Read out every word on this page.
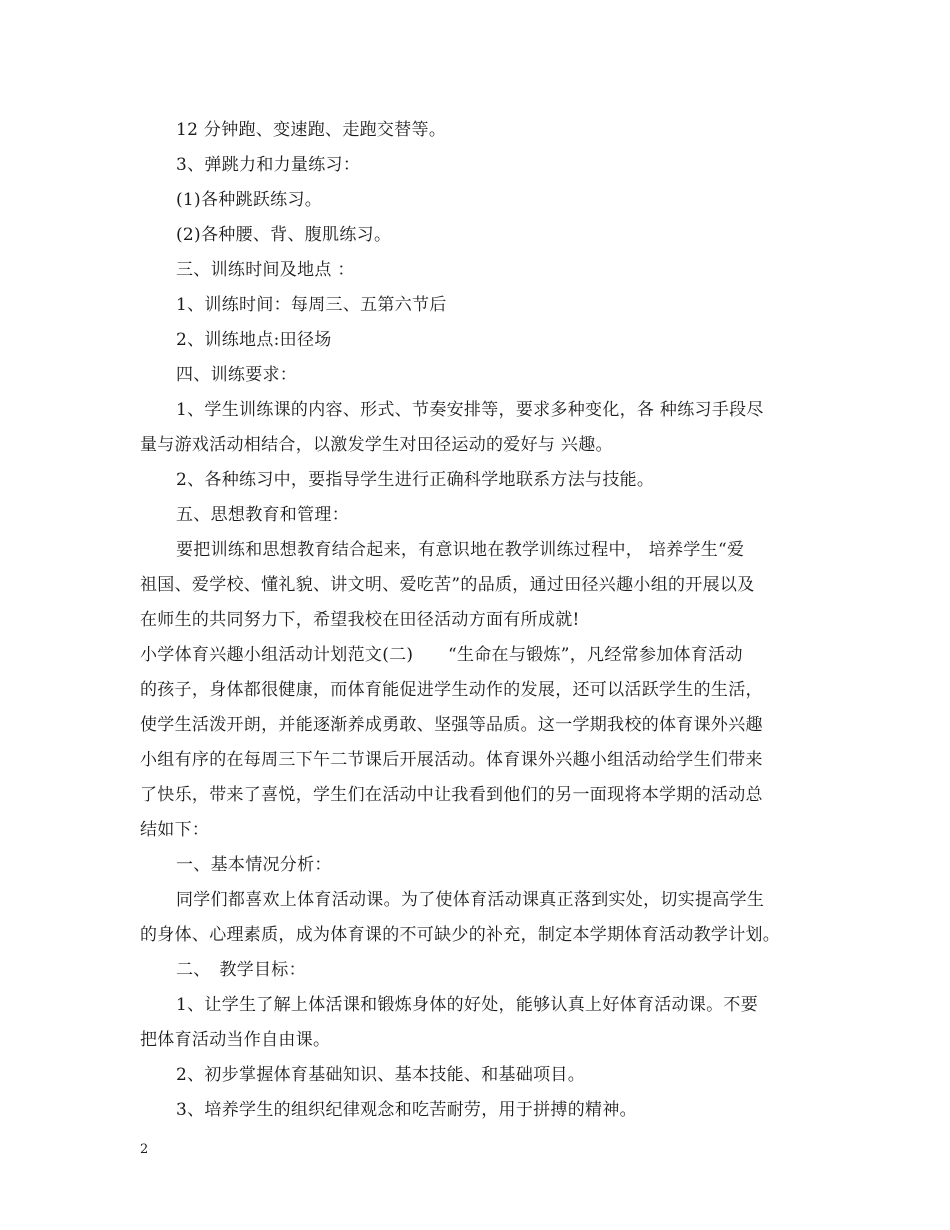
12 分钟跑、变速跑、走跑交替等。
3、弹跳力和力量练习：
(1)各种跳跃练习。
(2)各种腰、背、腹肌练习。
三、训练时间及地点 ：
1、训练时间：每周三、五第六节后
2、训练地点:田径场
四、训练要求：
1、学生训练课的内容、形式、节奏安排等，要求多种变化，各 种练习手段尽
量与游戏活动相结合，以激发学生对田径运动的爱好与 兴趣。
2、各种练习中，要指导学生进行正确科学地联系方法与技能。
五、思想教育和管理：
要把训练和思想教育结合起来，有意识地在教学训练过程中， 培养学生“爱
祖国、爱学校、懂礼貌、讲文明、爱吃苦”的品质，通过田径兴趣小组的开展以及
在师生的共同努力下，希望我校在田径活动方面有所成就!
小学体育兴趣小组活动计划范文(二)　　“生命在与锻炼”，凡经常参加体育活动
的孩子，身体都很健康，而体育能促进学生动作的发展，还可以活跃学生的生活，
使学生活泼开朗，并能逐渐养成勇敢、坚强等品质。这一学期我校的体育课外兴趣
小组有序的在每周三下午二节课后开展活动。体育课外兴趣小组活动给学生们带来
了快乐，带来了喜悦，学生们在活动中让我看到他们的另一面现将本学期的活动总
结如下：
一、基本情况分析：
同学们都喜欢上体育活动课。为了使体育活动课真正落到实处，切实提高学生
的身体、心理素质，成为体育课的不可缺少的补充，制定本学期体育活动教学计划。
二、　教学目标：
1、让学生了解上体活课和锻炼身体的好处，能够认真上好体育活动课。不要
把体育活动当作自由课。
2、初步掌握体育基础知识、基本技能、和基础项目。
3、培养学生的组织纪律观念和吃苦耐劳，用于拼搏的精神。
2
